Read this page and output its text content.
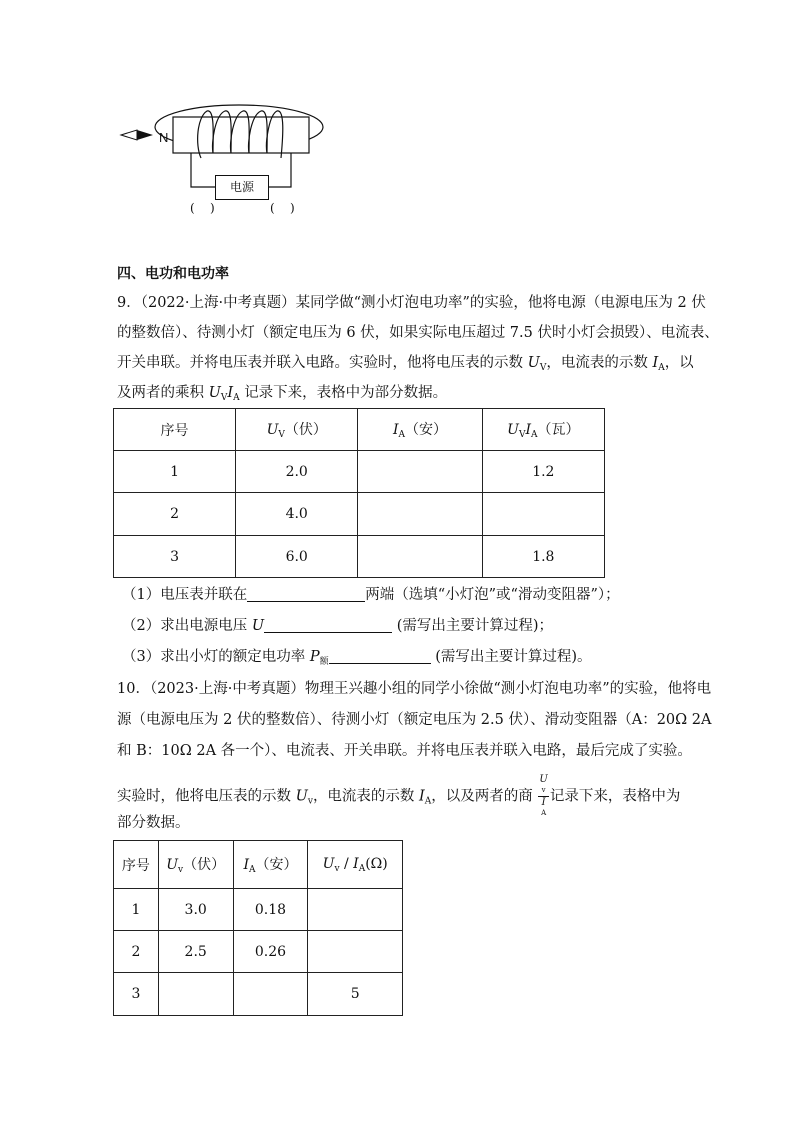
N
电源
(    )	(    )
四、电功和电功率
9．（2022·上海·中考真题）某同学做“测小灯泡电功率”的实验，他将电源（电源电压为 2 伏
的整数倍）、待测小灯（额定电压为 6 伏，如果实际电压超过 7.5 伏时小灯会损毁）、电流表、
开关串联。并将电压表并联入电路。实验时，他将电压表的示数 $U_V$，电流表的示数 $I_A$，以
及两者的乘积 $U_VI_A$ 记录下来，表格中为部分数据。
序号	$U_V$（伏）	$I_A$（安）	$U_VI_A$（瓦）
1	2.0		1.2
2	4.0		
3	6.0		1.8
（1）电压表并联在	两端（选填“小灯泡”或“滑动变阻器”）；
（2）求出电源电压 U	(需写出主要计算过程)；
（3）求出小灯的额定电功率 $P_额$	(需写出主要计算过程)。
10．（2023·上海·中考真题）物理王兴趣小组的同学小徐做“测小灯泡电功率”的实验，他将电
源（电源电压为 2 伏的整数倍）、待测小灯（额定电压为 2.5 伏）、滑动变阻器（A：20Ω 2A
和 B：10Ω 2A 各一个）、电流表、开关串联。并将电压表并联入电路，最后完成了实验。
实验时，他将电压表的示数 $U_v$，电流表的示数 $I_A$，以及两者的商 U
v
I
A 记录下来，表格中为
部分数据。
序号	$U_v$（伏）	$I_A$（安）	$U_v / I_A(\Omega)$
1	3.0	0.18	
2	2.5	0.26	
3			5
